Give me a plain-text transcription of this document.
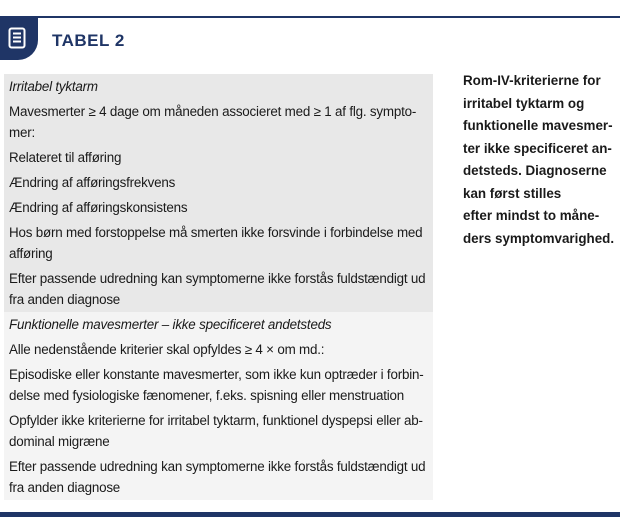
TABEL 2
Irritabel tyktarm
Mavesmerter ≥ 4 dage om måneden associeret med ≥ 1 af flg. sympto-
mer:
Relateret til afføring
Ændring af afføringsfrekvens
Ændring af afføringskonsistens
Hos børn med forstoppelse må smerten ikke forsvinde i forbindelse med
afføring
Efter passende udredning kan symptomerne ikke forstås fuldstændigt ud
fra anden diagnose
Funktionelle mavesmerter – ikke specificeret andetsteds
Alle nedenstående kriterier skal opfyldes ≥ 4 × om md.:
Episodiske eller konstante mavesmerter, som ikke kun optræder i forbin-
delse med fysiologiske fænomener, f.eks. spisning eller menstruation
Opfylder ikke kriterierne for irritabel tyktarm, funktionel dyspepsi eller ab-
dominal migræne
Efter passende udredning kan symptomerne ikke forstås fuldstændigt ud
fra anden diagnose
Rom-IV-kriterierne for
irritabel tyktarm og
funktionelle mavesmer-
ter ikke specificeret an-
detsteds. Diagnoserne
kan først stilles
efter mindst to måne-
ders symptomvarighed.
